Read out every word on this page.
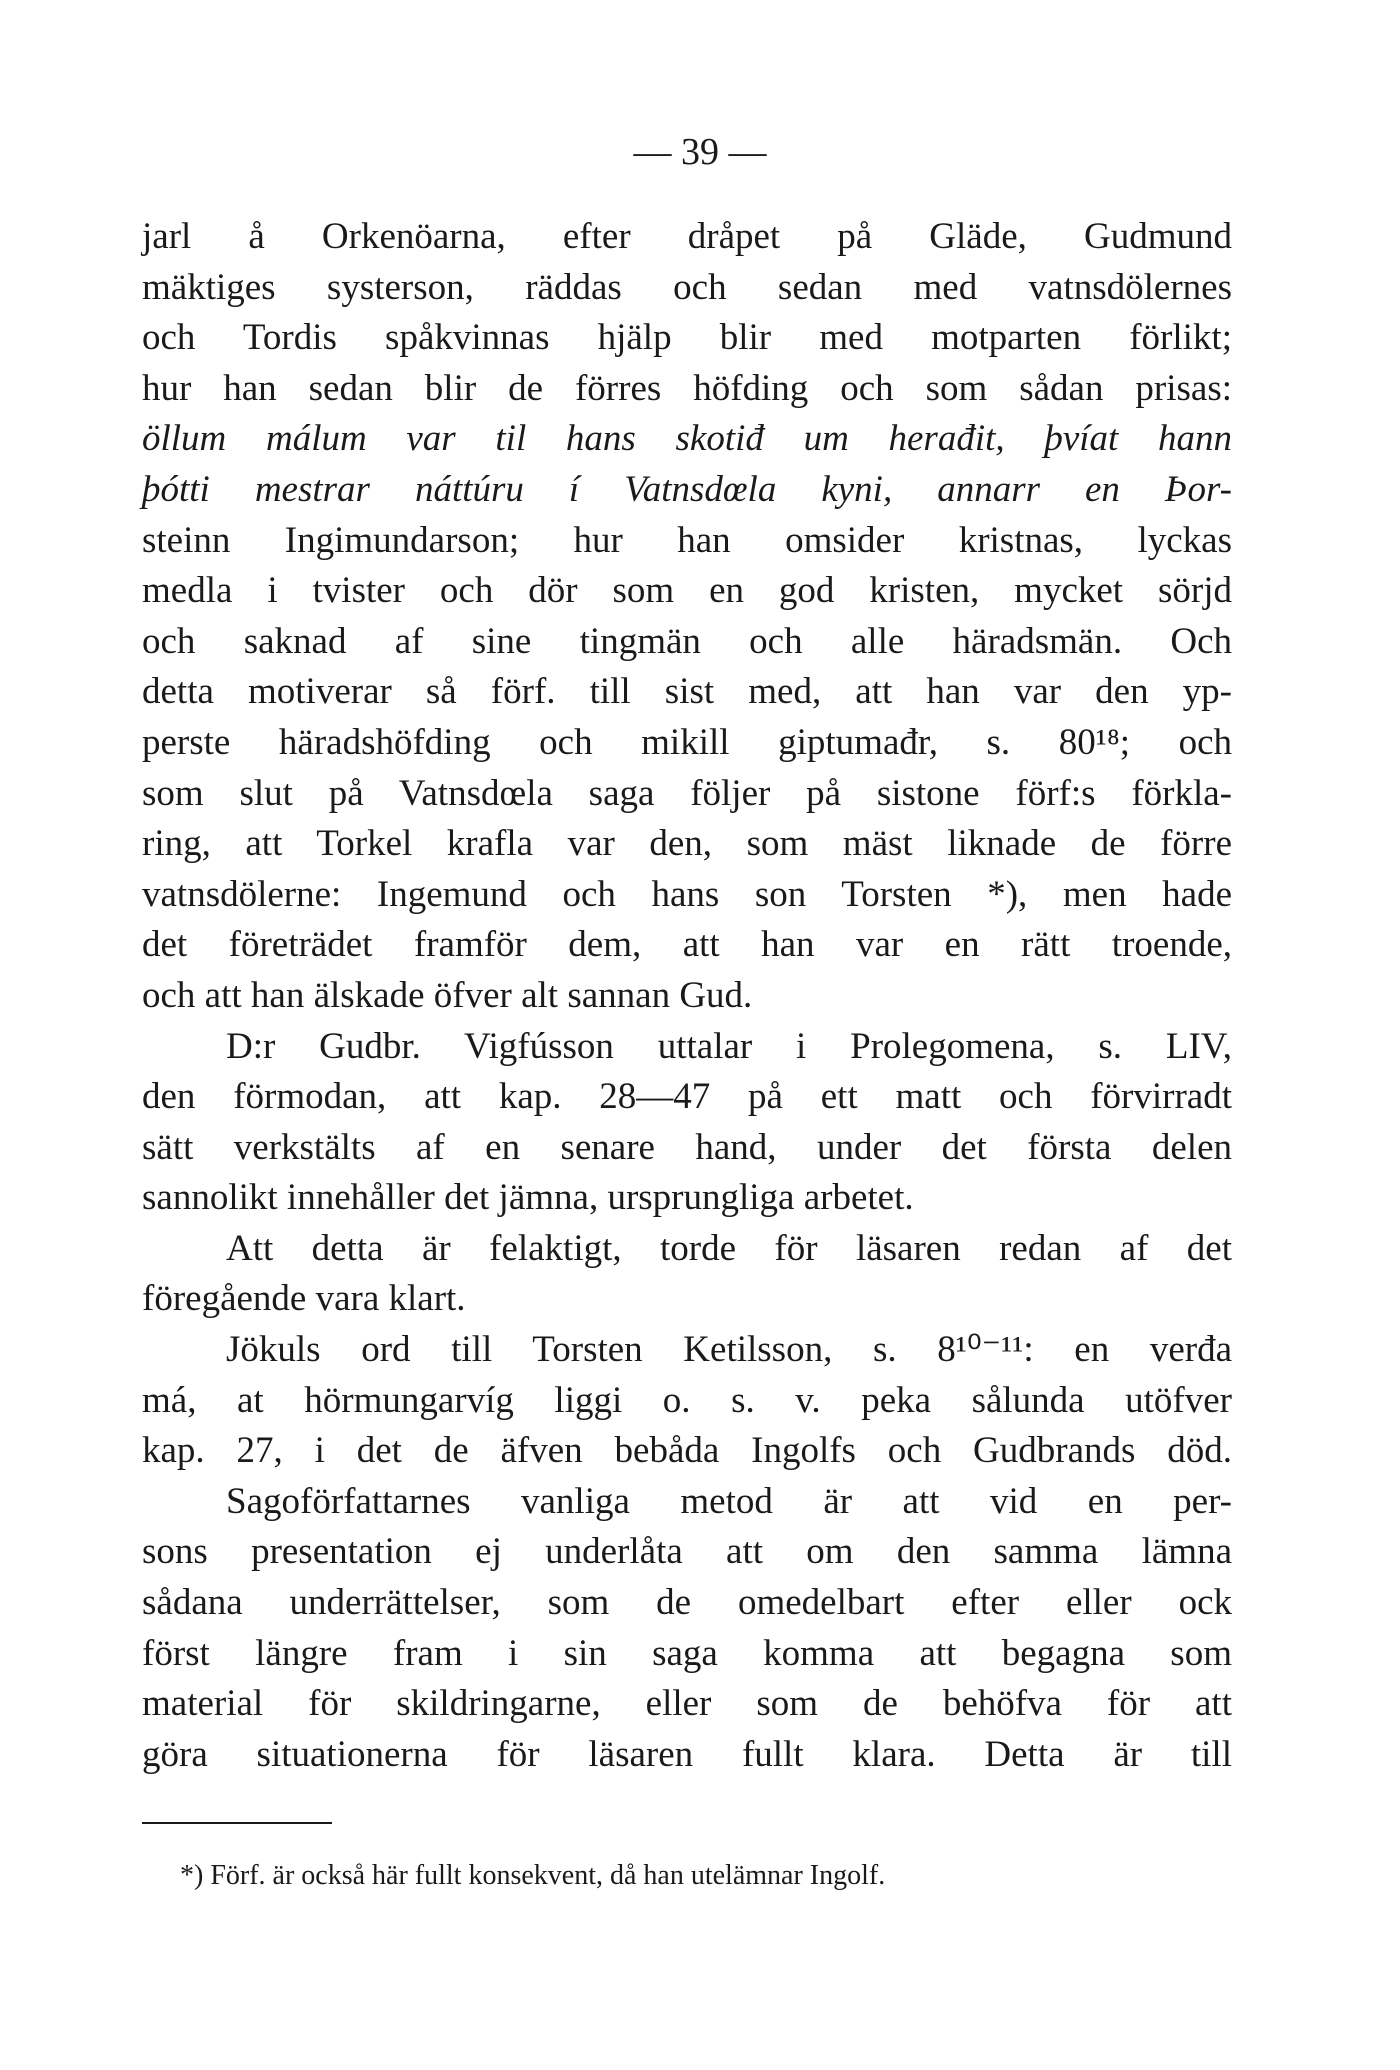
— 39 —
jarl å Orkenöarna, efter dråpet på Gläde, Gudmund
mäktiges systerson, räddas och sedan med vatnsdölernes
och Tordis spåkvinnas hjälp blir med motparten förlikt;
hur han sedan blir de förres höfding och som sådan prisas:
öllum málum var til hans skotiđ um herađit, þvíat hann
þótti mestrar náttúru í Vatnsdœla kyni, annarr en Þor-
steinn Ingimundarson; hur han omsider kristnas, lyckas
medla i tvister och dör som en god kristen, mycket sörjd
och saknad af sine tingmän och alle häradsmän. Och
detta motiverar så förf. till sist med, att han var den yp-
perste häradshöfding och mikill giptumađr, s. 80¹⁸; och
som slut på Vatnsdœla saga följer på sistone förf:s förkla-
ring, att Torkel krafla var den, som mäst liknade de förre
vatnsdölerne: Ingemund och hans son Torsten *), men hade
det företrädet framför dem, att han var en rätt troende,
och att han älskade öfver alt sannan Gud.
D:r Gudbr. Vigfússon uttalar i Prolegomena, s. LIV,
den förmodan, att kap. 28—47 på ett matt och förvirradt
sätt verkstälts af en senare hand, under det första delen
sannolikt innehåller det jämna, ursprungliga arbetet.
Att detta är felaktigt, torde för läsaren redan af det
föregående vara klart.
Jökuls ord till Torsten Ketilsson, s. 8¹⁰⁻¹¹: en verđa
má, at hörmungarvíg liggi o. s. v. peka sålunda utöfver
kap. 27, i det de äfven bebåda Ingolfs och Gudbrands död.
Sagoförfattarnes vanliga metod är att vid en per-
sons presentation ej underlåta att om den samma lämna
sådana underrättelser, som de omedelbart efter eller ock
först längre fram i sin saga komma att begagna som
material för skildringarne, eller som de behöfva för att
göra situationerna för läsaren fullt klara. Detta är till
*) Förf. är också här fullt konsekvent, då han utelämnar Ingolf.
